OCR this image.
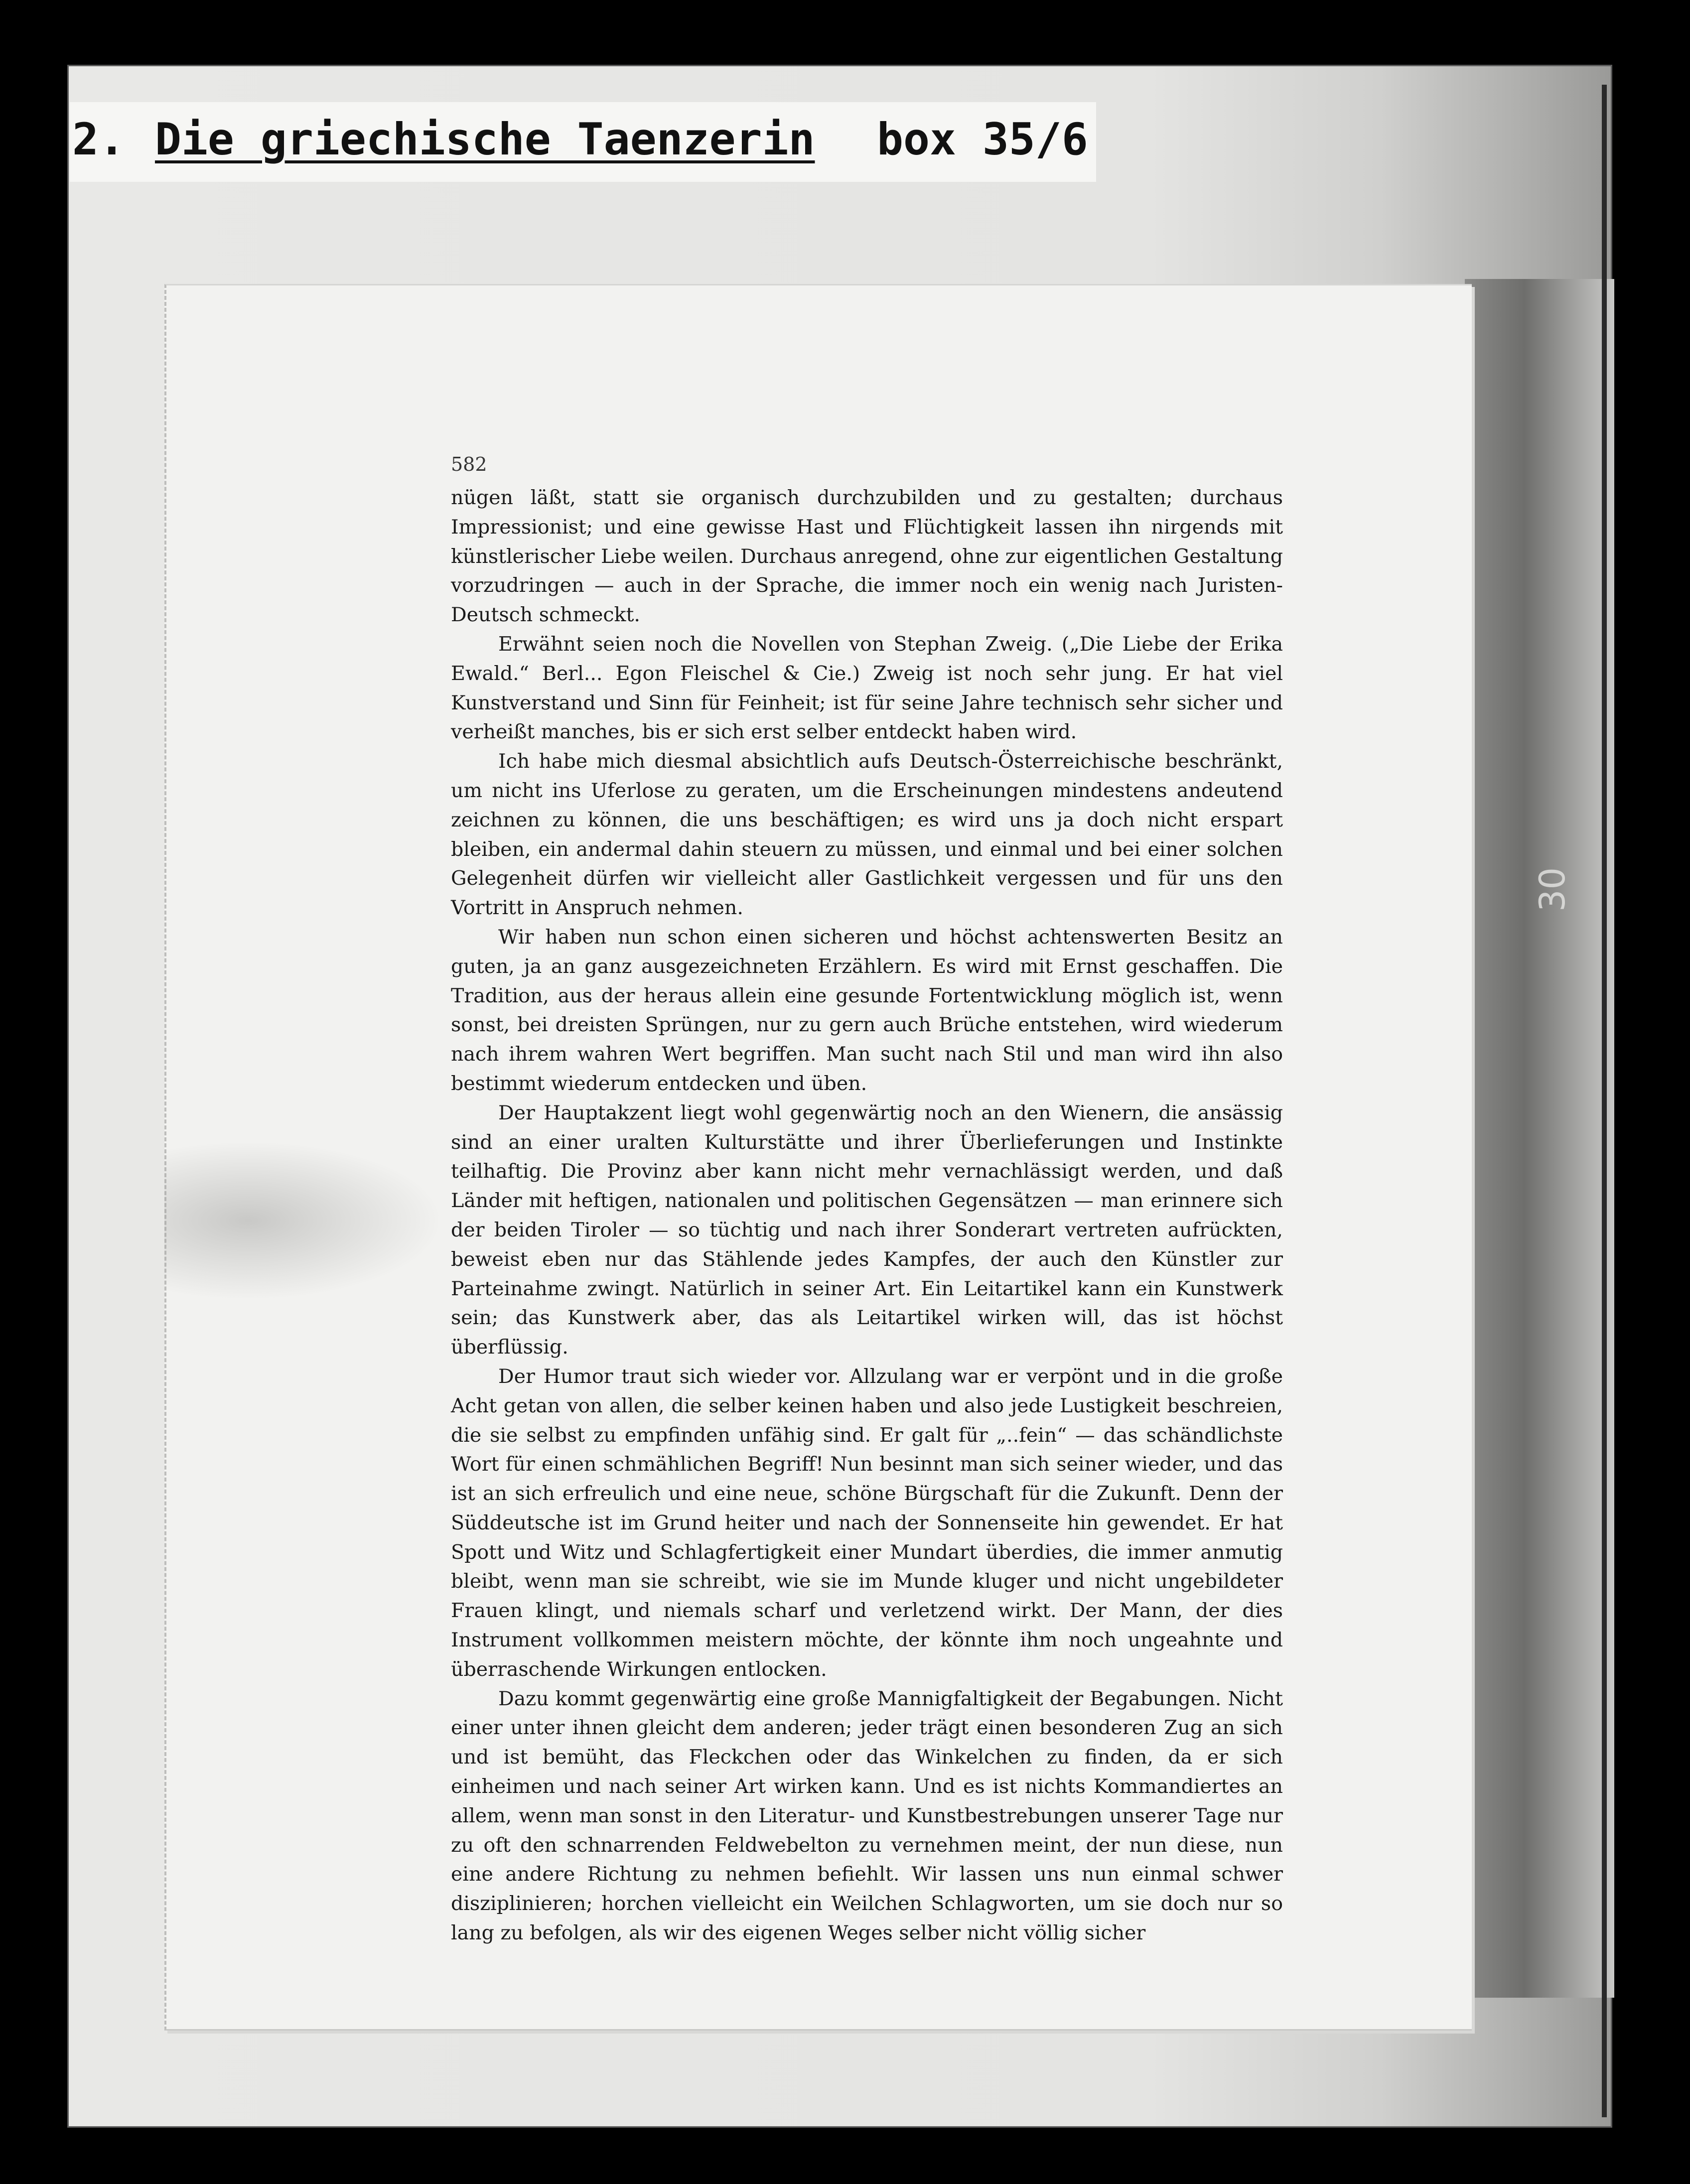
2. Die griechische Taenzerin box 35/6
582

nügen läßt, statt sie organisch durchzubilden und zu gestalten; durchaus Impressionist; und eine gewisse Hast und Flüchtigkeit lassen ihn nirgends mit künstlerischer Liebe weilen. Durchaus anregend, ohne zur eigentlichen Gestaltung vorzudringen — auch in der Sprache, die immer noch ein wenig nach Juristen-Deutsch schmeckt.

Erwähnt seien noch die Novellen von Stephan Zweig. („Die Liebe der Erika Ewald.“ Berl... Egon Fleischel & Cie.) Zweig ist noch sehr jung. Er hat viel Kunstverstand und Sinn für Feinheit; ist für seine Jahre technisch sehr sicher und verheißt manches, bis er sich erst selber entdeckt haben wird.

Ich habe mich diesmal absichtlich aufs Deutsch-Österreichische beschränkt, um nicht ins Uferlose zu geraten, um die Erscheinungen mindestens andeutend zeichnen zu können, die uns beschäftigen; es wird uns ja doch nicht erspart bleiben, ein andermal dahin steuern zu müssen, und einmal und bei einer solchen Gelegenheit dürfen wir vielleicht aller Gastlichkeit vergessen und für uns den Vortritt in Anspruch nehmen.

Wir haben nun schon einen sicheren und höchst achtenswerten Besitz an guten, ja an ganz ausgezeichneten Erzählern. Es wird mit Ernst geschaffen. Die Tradition, aus der heraus allein eine gesunde Fortentwicklung möglich ist, wenn sonst, bei dreisten Sprüngen, nur zu gern auch Brüche entstehen, wird wiederum nach ihrem wahren Wert begriffen. Man sucht nach Stil und man wird ihn also bestimmt wiederum entdecken und üben.

Der Hauptakzent liegt wohl gegenwärtig noch an den Wienern, die ansässig sind an einer uralten Kulturstätte und ihrer Überlieferungen und Instinkte teilhaftig. Die Provinz aber kann nicht mehr vernachlässigt werden, und daß Länder mit heftigen, nationalen und politischen Gegensätzen — man erinnere sich der beiden Tiroler — so tüchtig und nach ihrer Sonderart vertreten aufrückten, beweist eben nur das Stählende jedes Kampfes, der auch den Künstler zur Parteinahme zwingt. Natürlich in seiner Art. Ein Leitartikel kann ein Kunstwerk sein; das Kunstwerk aber, das als Leitartikel wirken will, das ist höchst überflüssig.

Der Humor traut sich wieder vor. Allzulang war er verpönt und in die große Acht getan von allen, die selber keinen haben und also jede Lustigkeit beschreien, die sie selbst zu empfinden unfähig sind. Er galt für „..fein“ — das schändlichste Wort für einen schmählichen Begriff! Nun besinnt man sich seiner wieder, und das ist an sich erfreulich und eine neue, schöne Bürgschaft für die Zukunft. Denn der Süddeutsche ist im Grund heiter und nach der Sonnenseite hin gewendet. Er hat Spott und Witz und Schlagfertigkeit einer Mundart überdies, die immer anmutig bleibt, wenn man sie schreibt, wie sie im Munde kluger und nicht ungebildeter Frauen klingt, und niemals scharf und verletzend wirkt. Der Mann, der dies Instrument vollkommen meistern möchte, der könnte ihm noch ungeahnte und überraschende Wirkungen entlocken.

Dazu kommt gegenwärtig eine große Mannigfaltigkeit der Begabungen. Nicht einer unter ihnen gleicht dem anderen; jeder trägt einen besonderen Zug an sich und ist bemüht, das Fleckchen oder das Winkelchen zu finden, da er sich einheimen und nach seiner Art wirken kann. Und es ist nichts Kommandiertes an allem, wenn man sonst in den Literatur- und Kunstbestrebungen unserer Tage nur zu oft den schnarrenden Feldwebelton zu vernehmen meint, der nun diese, nun eine andere Richtung zu nehmen befiehlt. Wir lassen uns nun einmal schwer disziplinieren; horchen vielleicht ein Weilchen Schlagworten, um sie doch nur so lang zu befolgen, als wir des eigenen Weges selber nicht völlig sicher

30
